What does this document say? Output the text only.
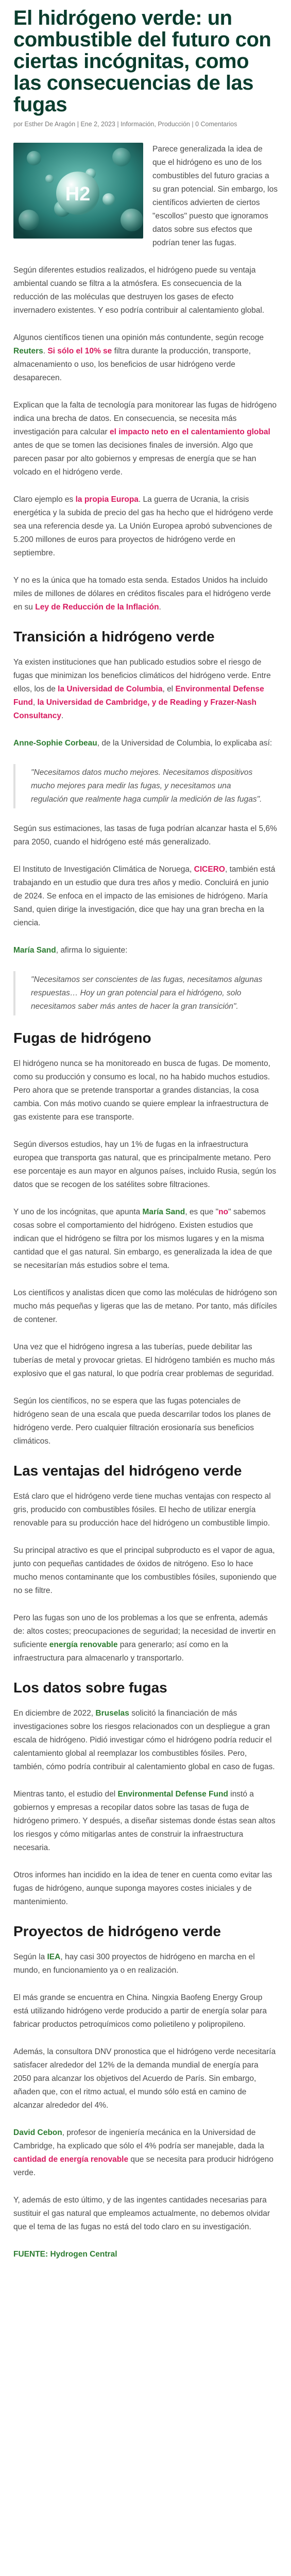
El hidrógeno verde: un combustible del futuro con ciertas incógnitas, como las consecuencias de las fugas
por Esther De Aragón | Ene 2, 2023 | Información, Producción | 0 Comentarios
H2

Parece generalizada la idea de que el hidrógeno es uno de los combustibles del futuro gracias a su gran potencial. Sin embargo, los científicos advierten de ciertos "escollos" puesto que ignoramos datos sobre sus efectos que podrían tener las fugas.

Según diferentes estudios realizados, el hidrógeno puede su ventaja ambiental cuando se filtra a la atmósfera. Es consecuencia de la reducción de las moléculas que destruyen los gases de efecto invernadero existentes. Y eso podría contribuir al calentamiento global.

Algunos científicos tienen una opinión más contundente, según recoge Reuters. Si sólo el 10% se filtra durante la producción, transporte, almacenamiento o uso, los beneficios de usar hidrógeno verde desaparecen.

Explican que la falta de tecnología para monitorear las fugas de hidrógeno indica una brecha de datos. En consecuencia, se necesita más investigación para calcular el impacto neto en el calentamiento global antes de que se tomen las decisiones finales de inversión. Algo que parecen pasar por alto gobiernos y empresas de energía que se han volcado en el hidrógeno verde.

Claro ejemplo es la propia Europa. La guerra de Ucrania, la crisis energética y la subida de precio del gas ha hecho que el hidrógeno verde sea una referencia desde ya. La Unión Europea aprobó subvenciones de 5.200 millones de euros para proyectos de hidrógeno verde en septiembre.

Y no es la única que ha tomado esta senda. Estados Unidos ha incluido miles de millones de dólares en créditos fiscales para el hidrógeno verde en su Ley de Reducción de la Inflación.

Transición a hidrógeno verde

Ya existen instituciones que han publicado estudios sobre el riesgo de fugas que minimizan los beneficios climáticos del hidrógeno verde. Entre ellos, los de la Universidad de Columbia, el Environmental Defense Fund, la Universidad de Cambridge, y de Reading y Frazer-Nash Consultancy.

Anne-Sophie Corbeau, de la Universidad de Columbia, lo explicaba así:

"Necesitamos datos mucho mejores. Necesitamos dispositivos mucho mejores para medir las fugas, y necesitamos una regulación que realmente haga cumplir la medición de las fugas".

Según sus estimaciones, las tasas de fuga podrían alcanzar hasta el 5,6% para 2050, cuando el hidrógeno esté más generalizado.

El Instituto de Investigación Climática de Noruega, CICERO, también está trabajando en un estudio que dura tres años y medio. Concluirá en junio de 2024. Se enfoca en el impacto de las emisiones de hidrógeno. María Sand, quien dirige la investigación, dice que hay una gran brecha en la ciencia.

María Sand, afirma lo siguiente:

"Necesitamos ser conscientes de las fugas, necesitamos algunas respuestas… Hoy un gran potencial para el hidrógeno, solo necesitamos saber más antes de hacer la gran transición".
Fugas de hidrógeno

El hidrógeno nunca se ha monitoreado en busca de fugas. De momento, como su producción y consumo es local, no ha habido muchos estudios. Pero ahora que se pretende transportar a grandes distancias, la cosa cambia. Con más motivo cuando se quiere emplear la infraestructura de gas existente para ese transporte.

Según diversos estudios, hay un 1% de fugas en la infraestructura europea que transporta gas natural, que es principalmente metano. Pero ese porcentaje es aun mayor en algunos países, incluido Rusia, según los datos que se recogen de los satélites sobre filtraciones.

Y uno de los incógnitas, que apunta María Sand, es que "no" sabemos cosas sobre el comportamiento del hidrógeno. Existen estudios que indican que el hidrógeno se filtra por los mismos lugares y en la misma cantidad que el gas natural. Sin embargo, es generalizada la idea de que se necesitarían más estudios sobre el tema.

Los científicos y analistas dicen que como las moléculas de hidrógeno son mucho más pequeñas y ligeras que las de metano. Por tanto, más difíciles de contener.

Una vez que el hidrógeno ingresa a las tuberías, puede debilitar las tuberías de metal y provocar grietas. El hidrógeno también es mucho más explosivo que el gas natural, lo que podría crear problemas de seguridad.

Según los científicos, no se espera que las fugas potenciales de hidrógeno sean de una escala que pueda descarrilar todos los planes de hidrógeno verde. Pero cualquier filtración erosionaría sus beneficios climáticos.

Las ventajas del hidrógeno verde

Está claro que el hidrógeno verde tiene muchas ventajas con respecto al gris, producido con combustibles fósiles. El hecho de utilizar energía renovable para su producción hace del hidrógeno un combustible limpio.

Su principal atractivo es que el principal subproducto es el vapor de agua, junto con pequeñas cantidades de óxidos de nitrógeno. Eso lo hace mucho menos contaminante que los combustibles fósiles, suponiendo que no se filtre.

Pero las fugas son uno de los problemas a los que se enfrenta, además de: altos costes; preocupaciones de seguridad; la necesidad de invertir en suficiente energía renovable para generarlo; así como en la infraestructura para almacenarlo y transportarlo.

Los datos sobre fugas

En diciembre de 2022, Bruselas solicitó la financiación de más investigaciones sobre los riesgos relacionados con un despliegue a gran escala de hidrógeno. Pidió investigar cómo el hidrógeno podría reducir el calentamiento global al reemplazar los combustibles fósiles. Pero, también, cómo podría contribuir al calentamiento global en caso de fugas.

Mientras tanto, el estudio del Environmental Defense Fund instó a gobiernos y empresas a recopilar datos sobre las tasas de fuga de hidrógeno primero. Y después, a diseñar sistemas donde éstas sean altos los riesgos y cómo mitigarlas antes de construir la infraestructura necesaria.

Otros informes han incidido en la idea de tener en cuenta como evitar las fugas de hidrógeno, aunque suponga mayores costes iniciales y de mantenimiento.

Proyectos de hidrógeno verde

Según la IEA, hay casi 300 proyectos de hidrógeno en marcha en el mundo, en funcionamiento ya o en realización.

El más grande se encuentra en China. Ningxia Baofeng Energy Group está utilizando hidrógeno verde producido a partir de energía solar para fabricar productos petroquímicos como polietileno y polipropileno.

Además, la consultora DNV pronostica que el hidrógeno verde necesitaría satisfacer alrededor del 12% de la demanda mundial de energía para 2050 para alcanzar los objetivos del Acuerdo de París. Sin embargo, añaden que, con el ritmo actual, el mundo sólo está en camino de alcanzar alrededor del 4%.

David Cebon, profesor de ingeniería mecánica en la Universidad de Cambridge, ha explicado que sólo el 4% podría ser manejable, dada la cantidad de energía renovable que se necesita para producir hidrógeno verde.

Y, además de esto último, y de las ingentes cantidades necesarias para sustituir el gas natural que empleamos actualmente, no debemos olvidar que el tema de las fugas no está del todo claro en su investigación.

FUENTE: Hydrogen Central
